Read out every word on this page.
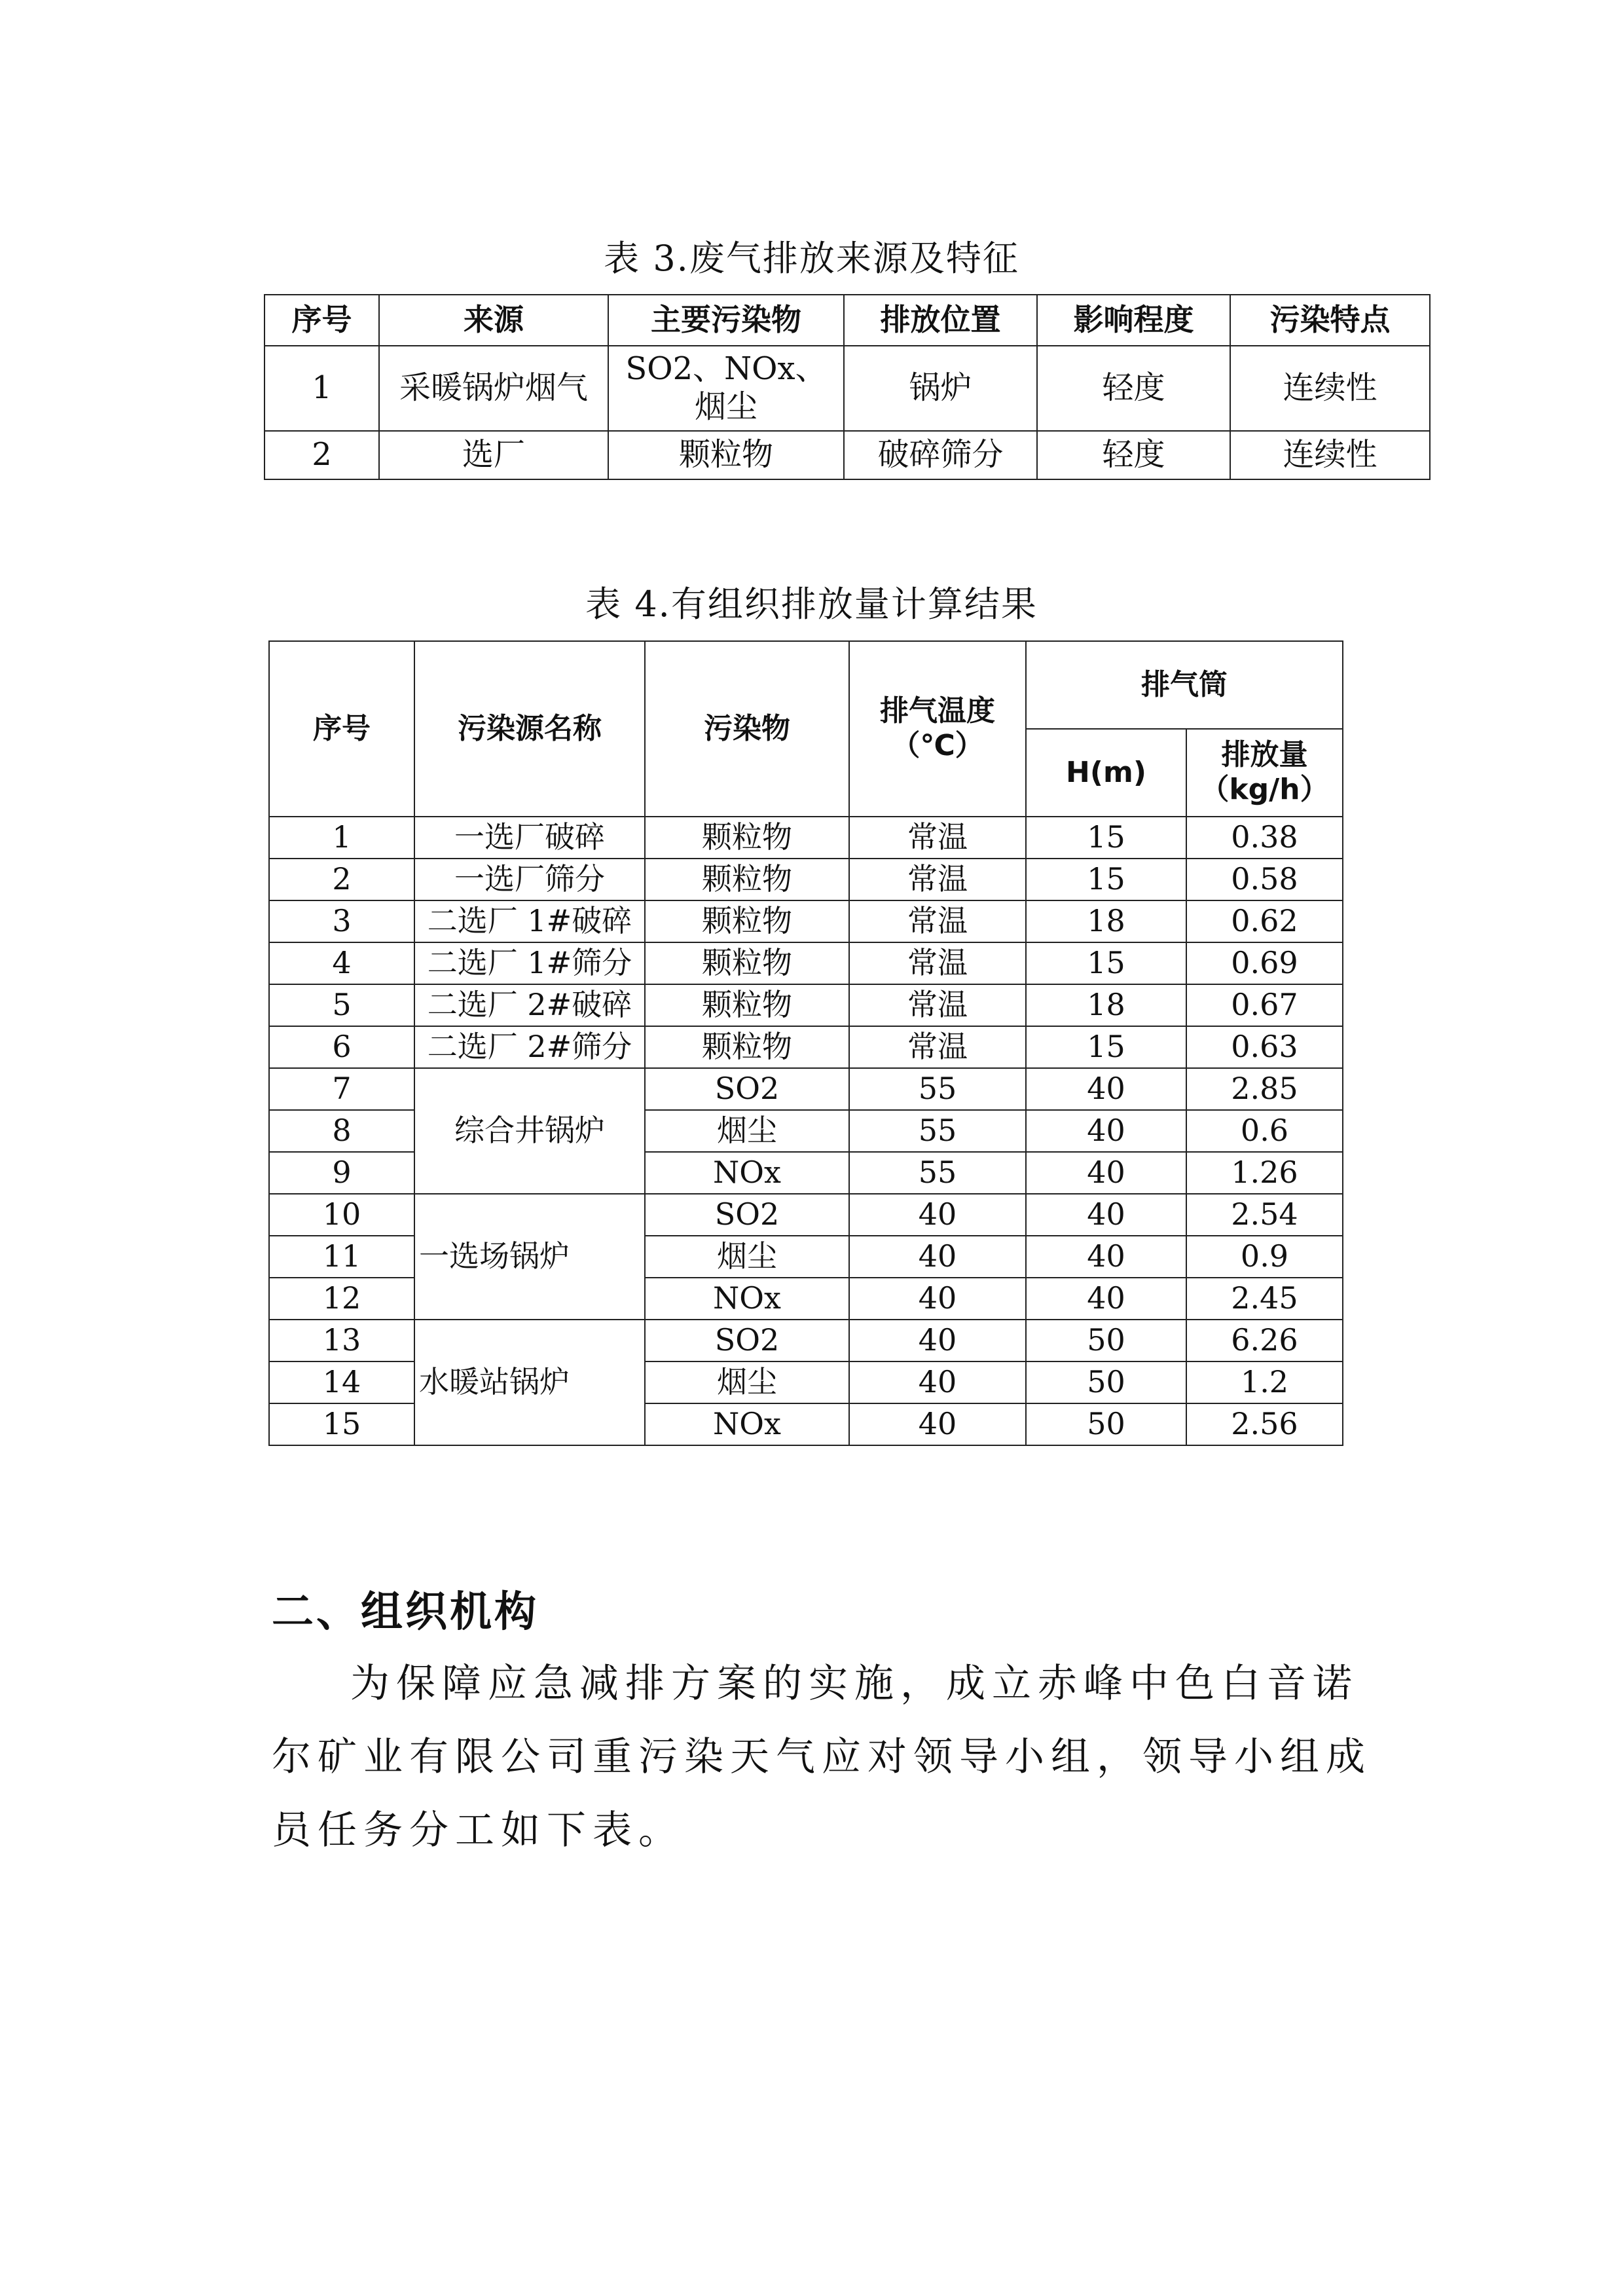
表 3.废气排放来源及特征
序号	来源	主要污染物	排放位置	影响程度	污染特点
1	采暖锅炉烟气	SO2、NOx、烟尘	锅炉	轻度	连续性
2	选厂	颗粒物	破碎筛分	轻度	连续性
表 4.有组织排放量计算结果
序号	污染源名称	污染物	排气温度（℃）	排气筒	
				H(m)	排放量（kg/h）
1	一选厂破碎	颗粒物	常温	15	0.38
2	一选厂筛分	颗粒物	常温	15	0.58
3	二选厂 1#破碎	颗粒物	常温	18	0.62
4	二选厂 1#筛分	颗粒物	常温	15	0.69
5	二选厂 2#破碎	颗粒物	常温	18	0.67
6	二选厂 2#筛分	颗粒物	常温	15	0.63
7	综合井锅炉	SO2	55	40	2.85
8		烟尘	55	40	0.6
9		NOx	55	40	1.26
10	一选场锅炉	SO2	40	40	2.54
11		烟尘	40	40	0.9
12		NOx	40	40	2.45
13	水暖站锅炉	SO2	40	50	6.26
14		烟尘	40	50	1.2
15		NOx	40	50	2.56
二、组织机构
为保障应急减排方案的实施，成立赤峰中色白音诺尔矿业有限公司重污染天气应对领导小组，领导小组成员任务分工如下表。
